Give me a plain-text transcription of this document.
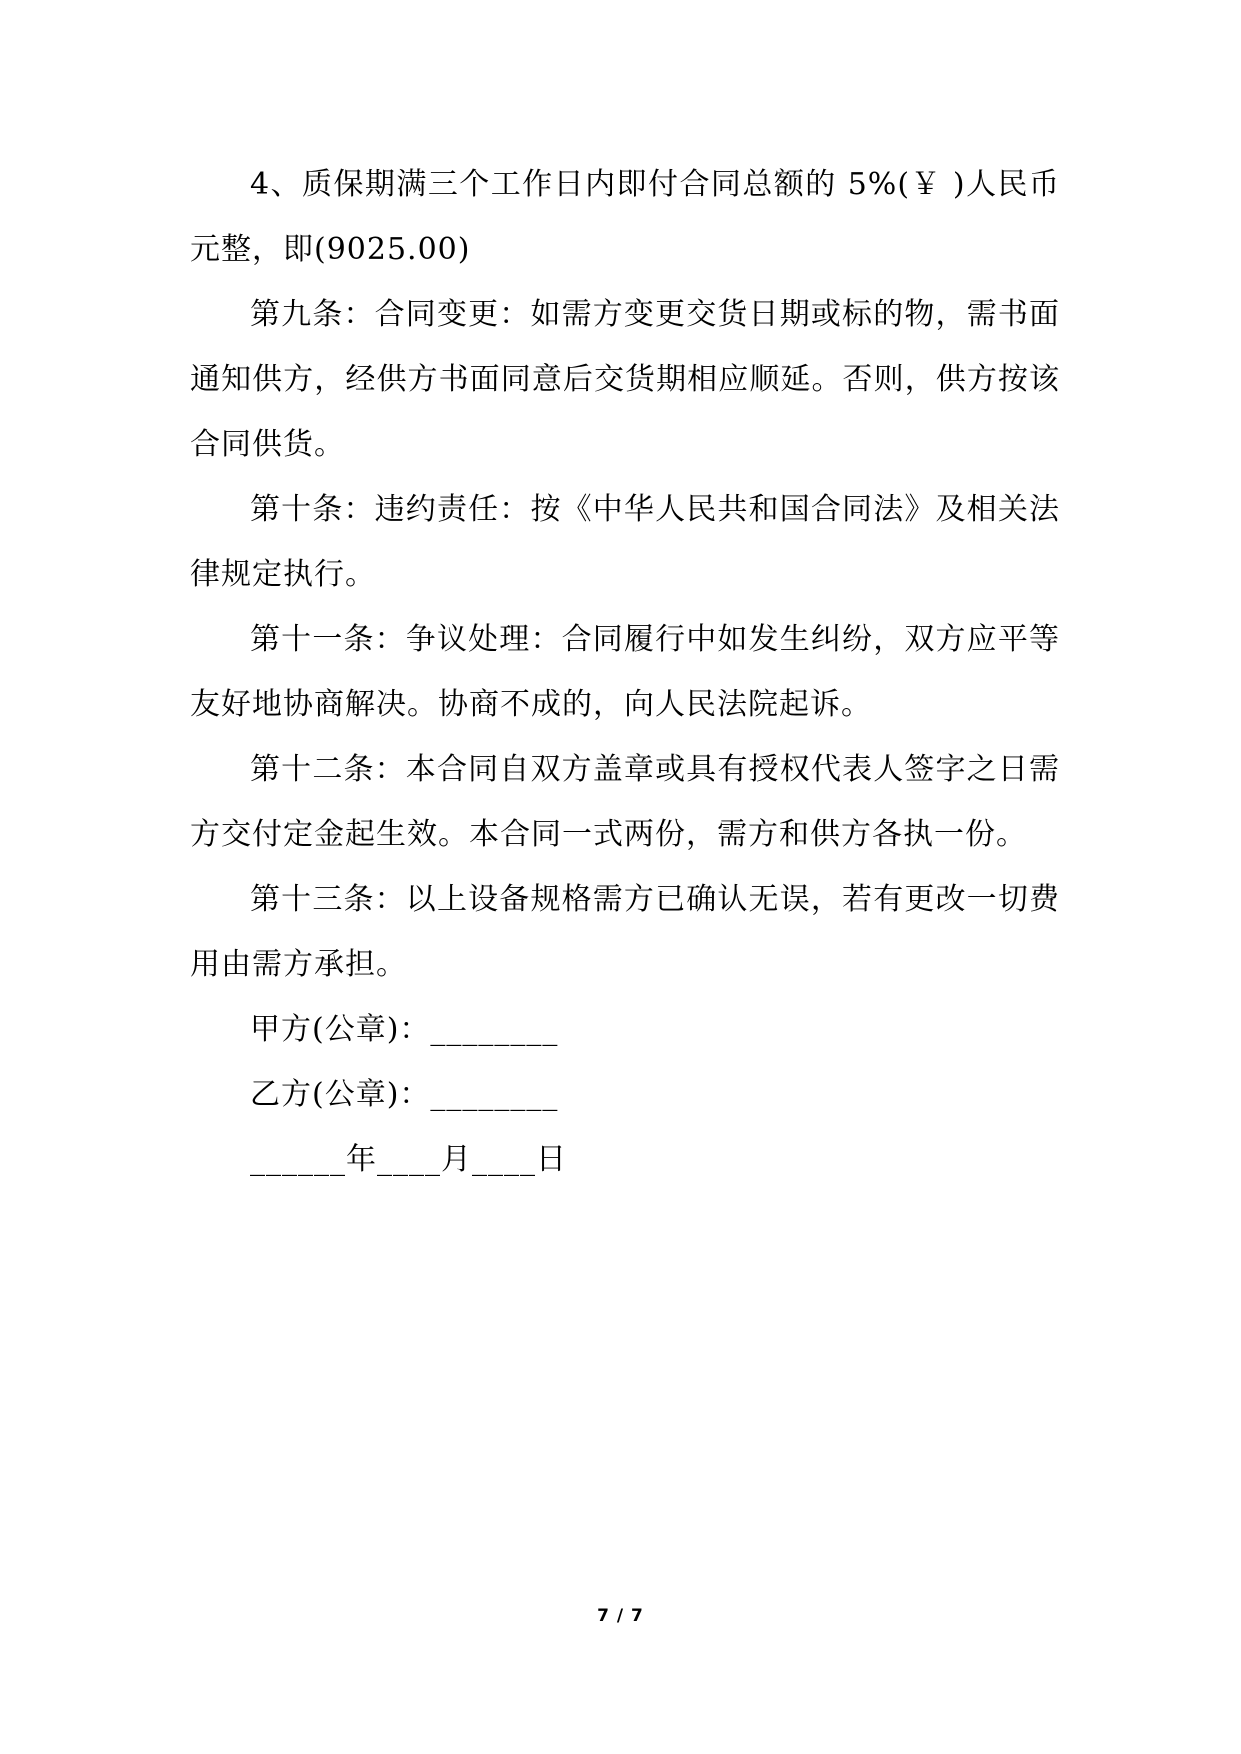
4、质保期满三个工作日内即付合同总额的 5%(￥ )人民币元整，即(9025.00)

第九条：合同变更：如需方变更交货日期或标的物，需书面通知供方，经供方书面同意后交货期相应顺延。否则，供方按该合同供货。

第十条：违约责任：按《中华人民共和国合同法》及相关法律规定执行。

第十一条：争议处理：合同履行中如发生纠纷，双方应平等友好地协商解决。协商不成的，向人民法院起诉。

第十二条：本合同自双方盖章或具有授权代表人签字之日需方交付定金起生效。本合同一式两份，需方和供方各执一份。

第十三条：以上设备规格需方已确认无误，若有更改一切费用由需方承担。

甲方(公章)：________

乙方(公章)：________

______年____月____日

7 / 7
